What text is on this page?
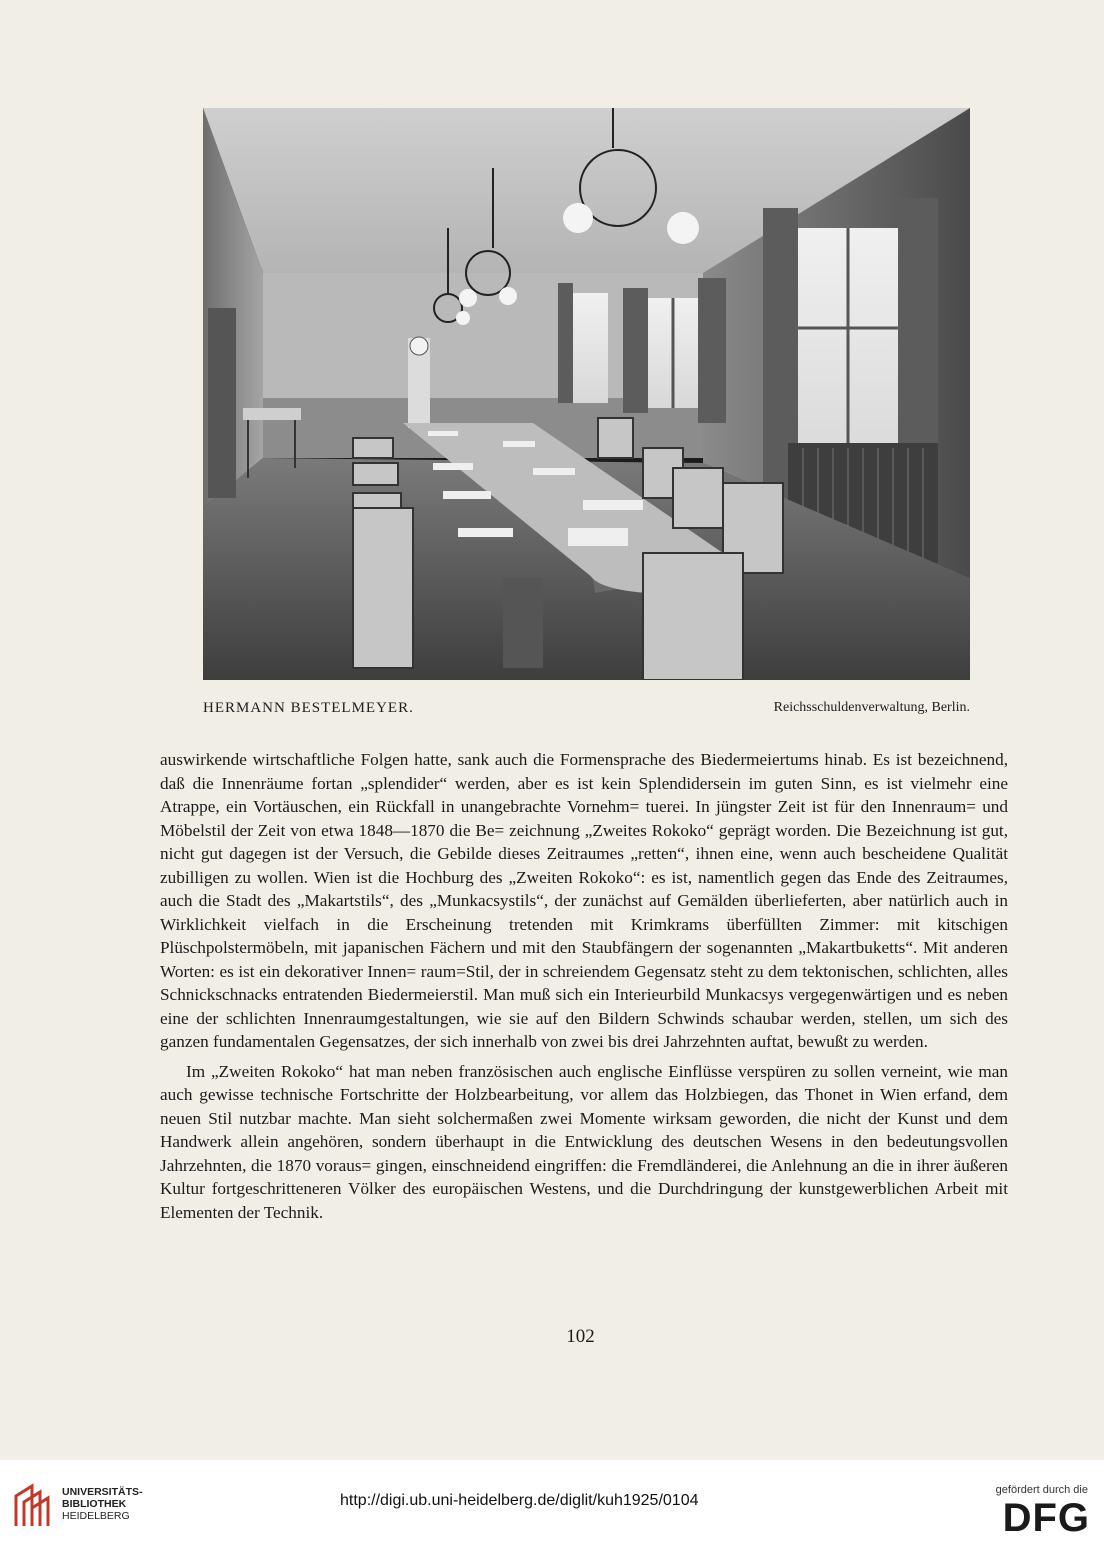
HERMANN BESTELMEYER.	Reichsschuldenverwaltung, Berlin.

auswirkende wirtschaftliche Folgen hatte, sank auch die Formensprache des Biedermeiertums hinab. Es ist bezeichnend, daß die Innenräume fortan „splendider“ werden, aber es ist kein Splendidersein im guten Sinn, es ist vielmehr eine Atrappe, ein Vortäuschen, ein Rückfall in unangebrachte Vornehm= tuerei. In jüngster Zeit ist für den Innenraum= und Möbelstil der Zeit von etwa 1848—1870 die Be= zeichnung „Zweites Rokoko“ geprägt worden. Die Bezeichnung ist gut, nicht gut dagegen ist der Versuch, die Gebilde dieses Zeitraumes „retten“, ihnen eine, wenn auch bescheidene Qualität zubilligen zu wollen. Wien ist die Hochburg des „Zweiten Rokoko“: es ist, namentlich gegen das Ende des Zeitraumes, auch die Stadt des „Makartstils“, des „Munkacsystils“, der zunächst auf Gemälden überlieferten, aber natürlich auch in Wirklichkeit vielfach in die Erscheinung tretenden mit Krimkrams überfüllten Zimmer: mit kitschigen Plüschpolstermöbeln, mit japanischen Fächern und mit den Staubfängern der sogenannten „Makartbuketts“. Mit anderen Worten: es ist ein dekorativer Innen= raum=Stil, der in schreiendem Gegensatz steht zu dem tektonischen, schlichten, alles Schnickschnacks entratenden Biedermeierstil. Man muß sich ein Interieurbild Munkacsys vergegenwärtigen und es neben eine der schlichten Innenraumgestaltungen, wie sie auf den Bildern Schwinds schaubar werden, stellen, um sich des ganzen fundamentalen Gegensatzes, der sich innerhalb von zwei bis drei Jahrzehnten auftat, bewußt zu werden.

Im „Zweiten Rokoko“ hat man neben französischen auch englische Einflüsse verspüren zu sollen verneint, wie man auch gewisse technische Fortschritte der Holzbearbeitung, vor allem das Holzbiegen, das Thonet in Wien erfand, dem neuen Stil nutzbar machte. Man sieht solchermaßen zwei Momente wirksam geworden, die nicht der Kunst und dem Handwerk allein angehören, sondern überhaupt in die Entwicklung des deutschen Wesens in den bedeutungsvollen Jahrzehnten, die 1870 voraus= gingen, einschneidend eingriffen: die Fremdländerei, die Anlehnung an die in ihrer äußeren Kultur fortgeschritteneren Völker des europäischen Westens, und die Durchdringung der kunstgewerblichen Arbeit mit Elementen der Technik.

102
UNIVERSITÄTS-
BIBLIOTHEK
HEIDELBERG
http://digi.ub.uni-heidelberg.de/diglit/kuh1925/0104
gefördert durch die
DFG
